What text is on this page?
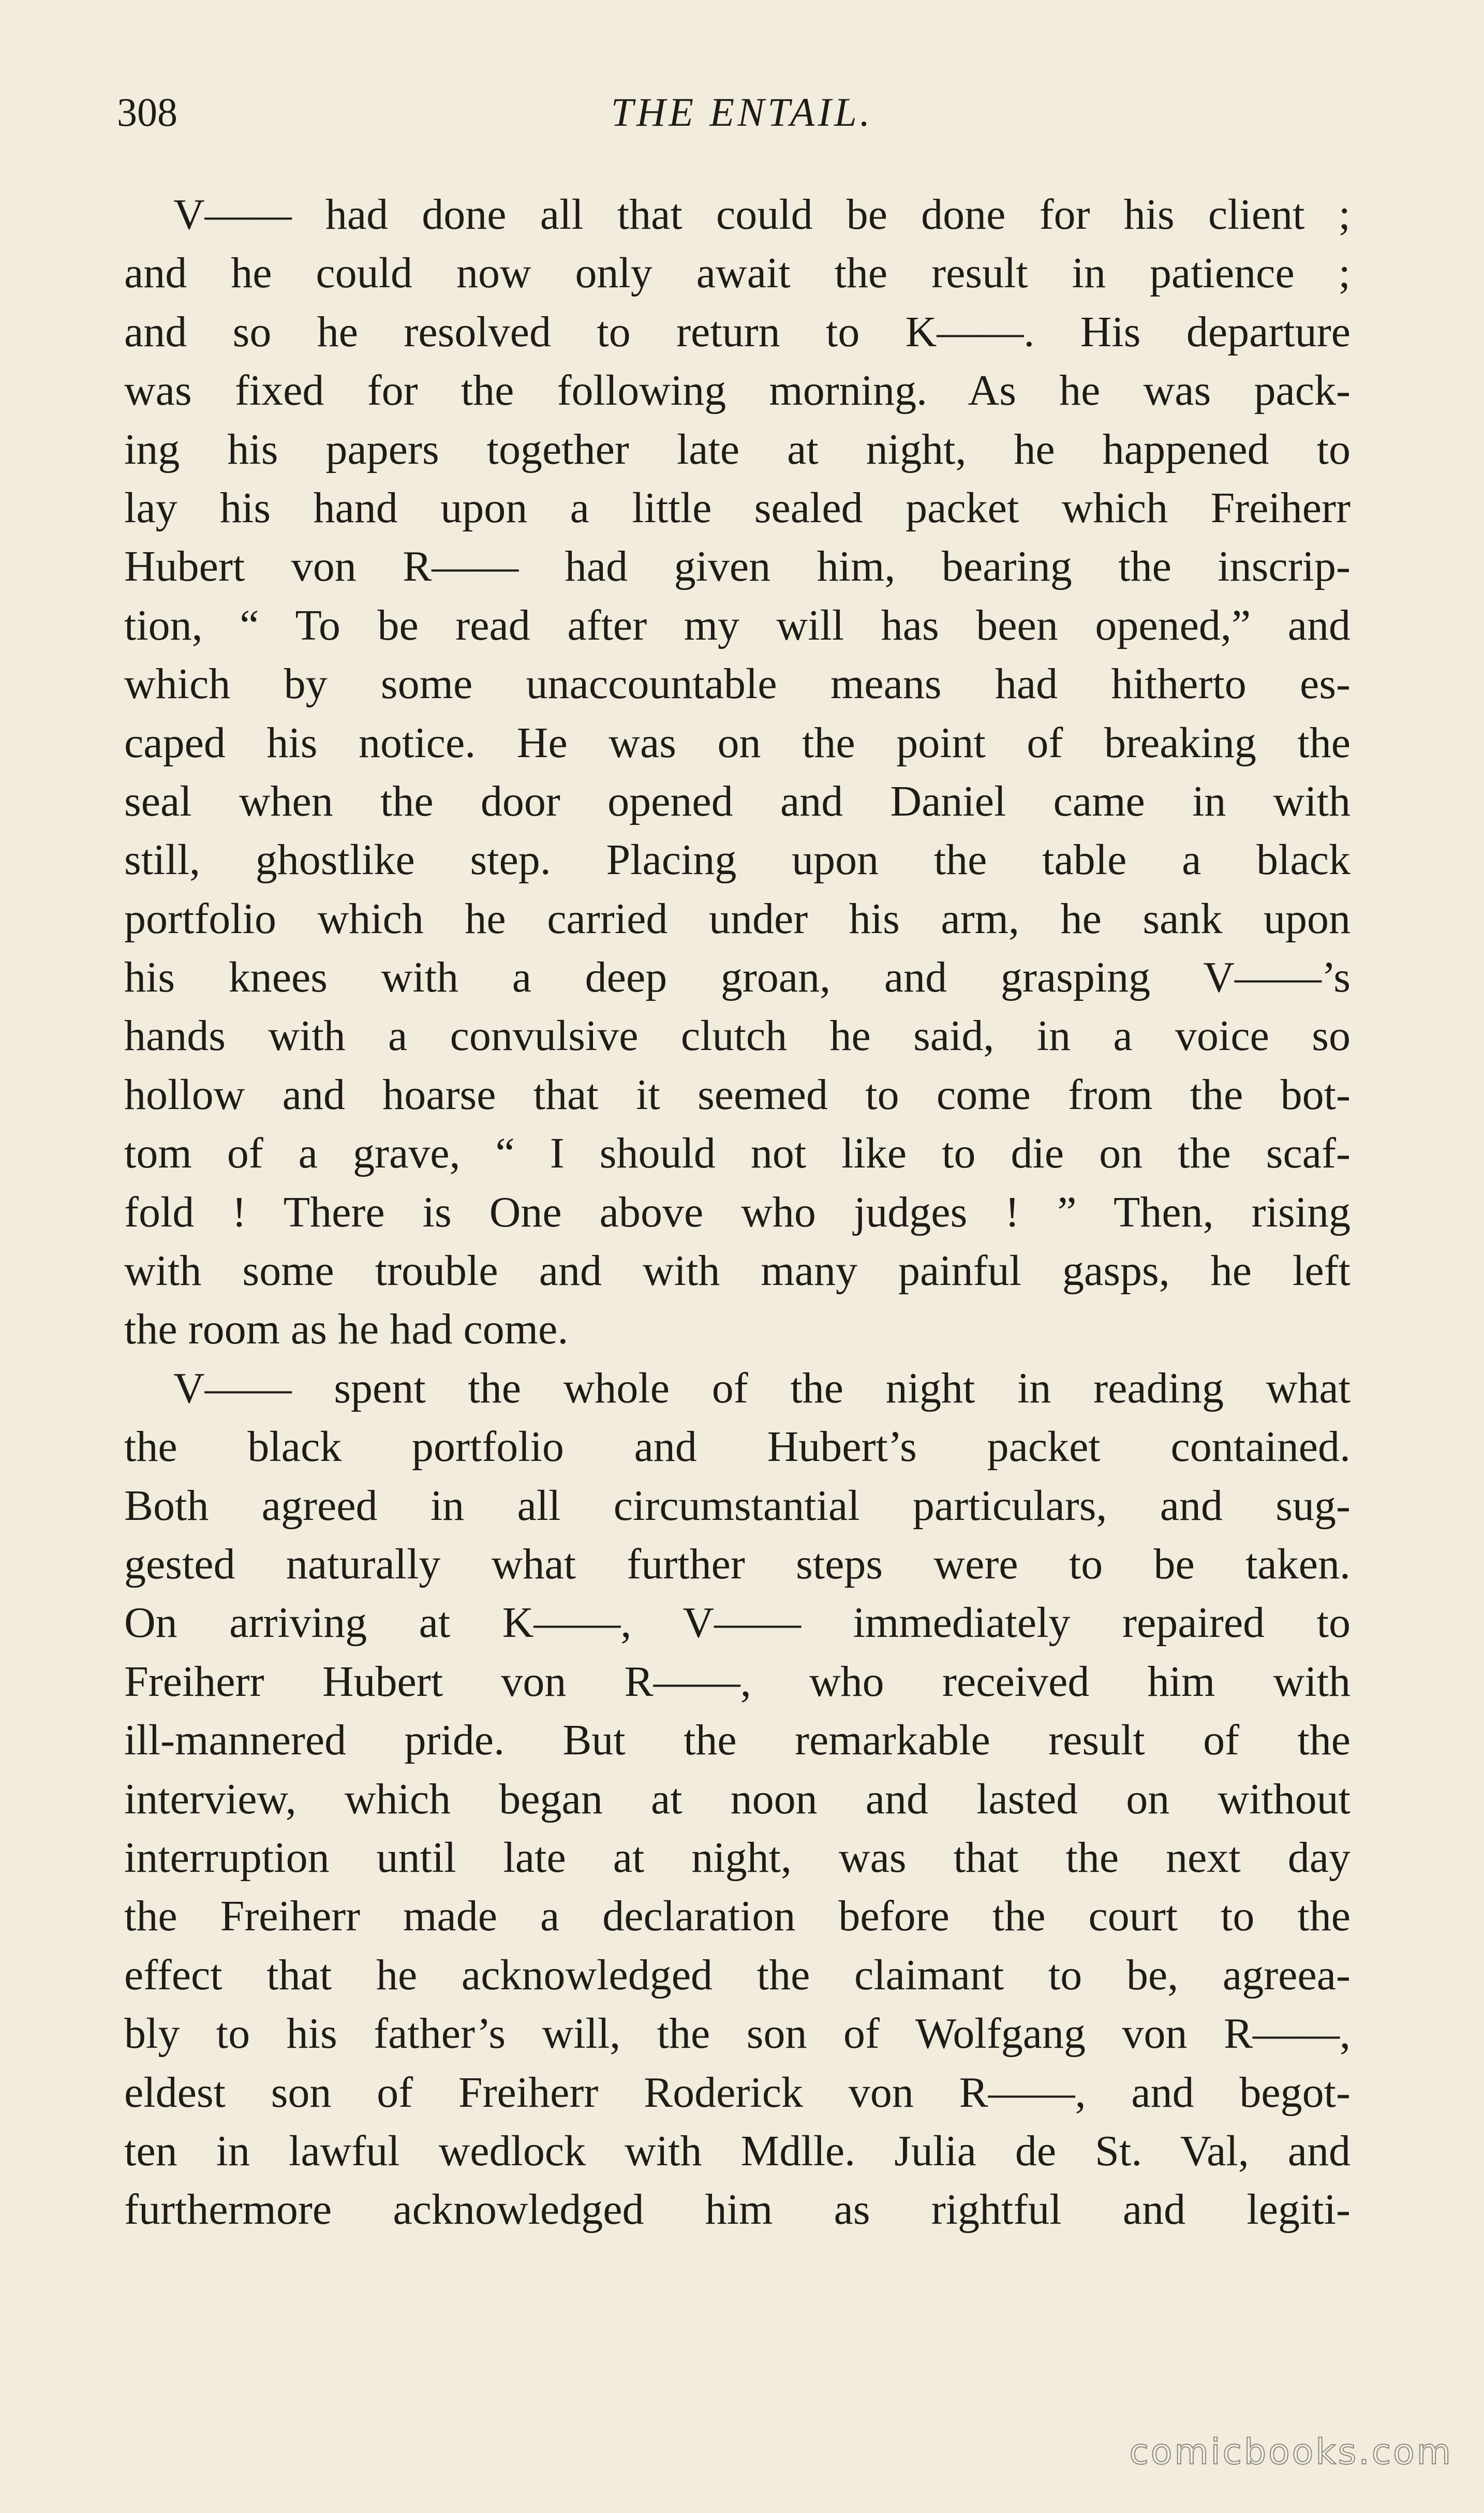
308	THE ENTAIL.
V—— had done all that could be done for his client ;
and he could now only await the result in patience ;
and so he resolved to return to K——. His departure
was fixed for the following morning. As he was pack-
ing his papers together late at night, he happened to
lay his hand upon a little sealed packet which Freiherr
Hubert von R—— had given him, bearing the inscrip-
tion, “ To be read after my will has been opened,” and
which by some unaccountable means had hitherto es-
caped his notice. He was on the point of breaking the
seal when the door opened and Daniel came in with
still, ghostlike step. Placing upon the table a black
portfolio which he carried under his arm, he sank upon
his knees with a deep groan, and grasping V——’s
hands with a convulsive clutch he said, in a voice so
hollow and hoarse that it seemed to come from the bot-
tom of a grave, “ I should not like to die on the scaf-
fold ! There is One above who judges ! ” Then, rising
with some trouble and with many painful gasps, he left
the room as he had come.
V—— spent the whole of the night in reading what
the black portfolio and Hubert’s packet contained.
Both agreed in all circumstantial particulars, and sug-
gested naturally what further steps were to be taken.
On arriving at K——, V—— immediately repaired to
Freiherr Hubert von R——, who received him with
ill-mannered pride. But the remarkable result of the
interview, which began at noon and lasted on without
interruption until late at night, was that the next day
the Freiherr made a declaration before the court to the
effect that he acknowledged the claimant to be, agreea-
bly to his father’s will, the son of Wolfgang von R——,
eldest son of Freiherr Roderick von R——, and begot-
ten in lawful wedlock with Mdlle. Julia de St. Val, and
furthermore acknowledged him as rightful and legiti-
comicbooks.com
